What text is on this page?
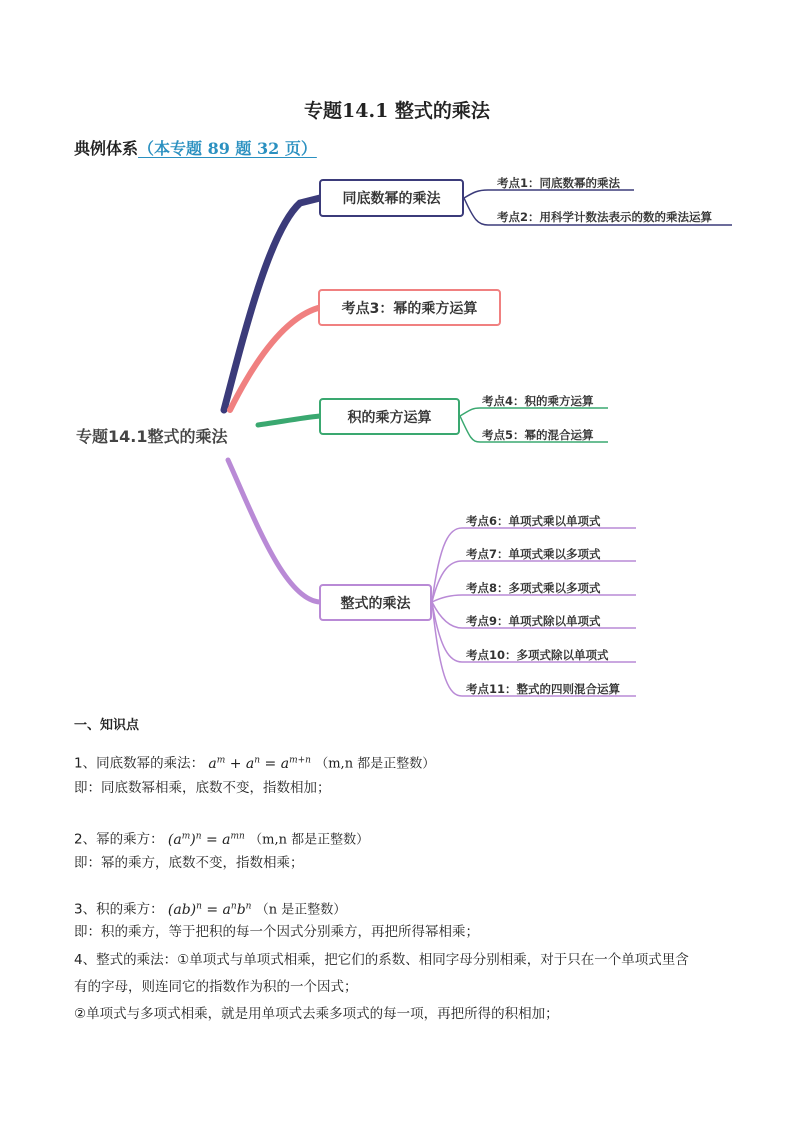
专题14.1 整式的乘法
典例体系（本专题 89 题 32 页）
专题14.1整式的乘法
同底数幂的乘法
考点3：幂的乘方运算
积的乘方运算
整式的乘法
考点1：同底数幂的乘法
考点2：用科学计数法表示的数的乘法运算
考点4：积的乘方运算
考点5：幂的混合运算
考点6：单项式乘以单项式
考点7：单项式乘以多项式
考点8：多项式乘以多项式
考点9：单项式除以单项式
考点10：多项式除以单项式
考点11：整式的四则混合运算
一、知识点
1、同底数幂的乘法： $a^m + a^n = a^{m+n}$ （m,n 都是正整数）
即：同底数幂相乘，底数不变，指数相加；
2、幂的乘方： $(a^m)^n = a^{mn}$ （m,n 都是正整数）
即：幂的乘方，底数不变，指数相乘；
3、积的乘方： $(ab)^n = a^nb^n$ （n 是正整数）
即：积的乘方，等于把积的每一个因式分别乘方，再把所得幂相乘；
4、整式的乘法：①单项式与单项式相乘，把它们的系数、相同字母分别相乘，对于只在一个单项式里含
有的字母，则连同它的指数作为积的一个因式；
②单项式与多项式相乘，就是用单项式去乘多项式的每一项，再把所得的积相加；
